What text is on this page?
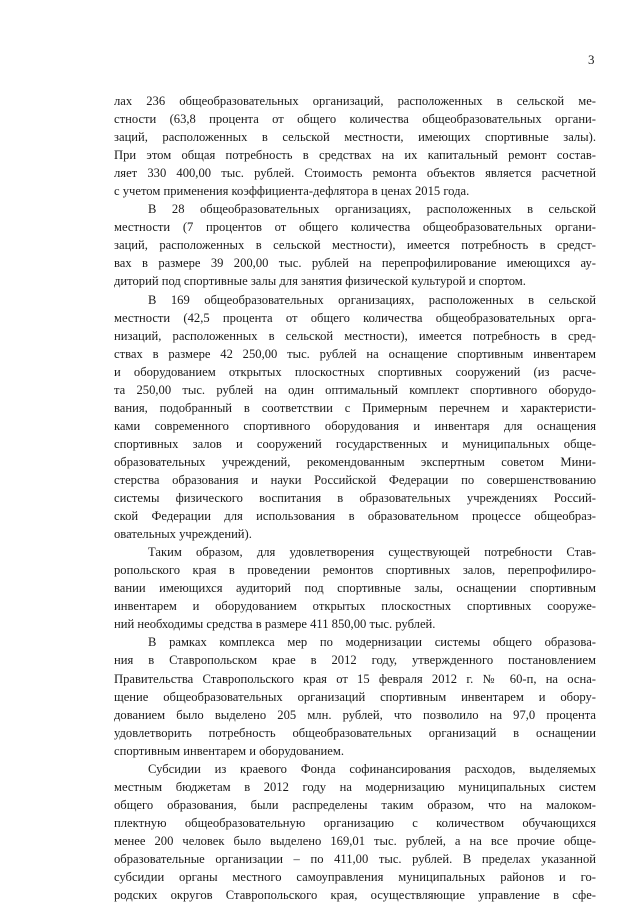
3
лах 236 общеобразовательных организаций, расположенных в сельской ме-
стности (63,8 процента от общего количества общеобразовательных органи-
заций, расположенных в сельской местности, имеющих спортивные залы).
При этом общая потребность в средствах на их капитальный ремонт состав-
ляет 330 400,00 тыс. рублей. Стоимость ремонта объектов является расчетной
с учетом применения коэффициента-дефлятора в ценах 2015 года.
В 28 общеобразовательных организациях, расположенных в сельской
местности (7 процентов от общего количества общеобразовательных органи-
заций, расположенных в сельской местности), имеется потребность в средст-
вах в размере 39 200,00 тыс. рублей на перепрофилирование имеющихся ау-
диторий под спортивные залы для занятия физической культурой и спортом.
В 169 общеобразовательных организациях, расположенных в сельской
местности (42,5 процента от общего количества общеобразовательных орга-
низаций, расположенных в сельской местности), имеется потребность в сред-
ствах в размере 42 250,00 тыс. рублей на оснащение спортивным инвентарем
и оборудованием открытых плоскостных спортивных сооружений (из расче-
та 250,00 тыс. рублей на один оптимальный комплект спортивного оборудо-
вания, подобранный в соответствии с Примерным перечнем и характеристи-
ками современного спортивного оборудования и инвентаря для оснащения
спортивных залов и сооружений государственных и муниципальных обще-
образовательных учреждений, рекомендованным экспертным советом Мини-
стерства образования и науки Российской Федерации по совершенствованию
системы физического воспитания в образовательных учреждениях Россий-
ской Федерации для использования в образовательном процессе общеобраз-
овательных учреждений).
Таким образом, для удовлетворения существующей потребности Став-
ропольского края в проведении ремонтов спортивных залов, перепрофилиро-
вании имеющихся аудиторий под спортивные залы, оснащении спортивным
инвентарем и оборудованием открытых плоскостных спортивных сооруже-
ний необходимы средства в размере 411 850,00 тыс. рублей.
В рамках комплекса мер по модернизации системы общего образова-
ния в Ставропольском крае в 2012 году, утвержденного постановлением
Правительства Ставропольского края от 15 февраля 2012 г. № 60-п, на осна-
щение общеобразовательных организаций спортивным инвентарем и обору-
дованием было выделено 205 млн. рублей, что позволило на 97,0 процента
удовлетворить потребность общеобразовательных организаций в оснащении
спортивным инвентарем и оборудованием.
Субсидии из краевого Фонда софинансирования расходов, выделяемых
местным бюджетам в 2012 году на модернизацию муниципальных систем
общего образования, были распределены таким образом, что на малоком-
плектную общеобразовательную организацию с количеством обучающихся
менее 200 человек было выделено 169,01 тыс. рублей, а на все прочие обще-
образовательные организации – по 411,00 тыс. рублей. В пределах указанной
субсидии органы местного самоуправления муниципальных районов и го-
родских округов Ставропольского края, осуществляющие управление в сфе-
